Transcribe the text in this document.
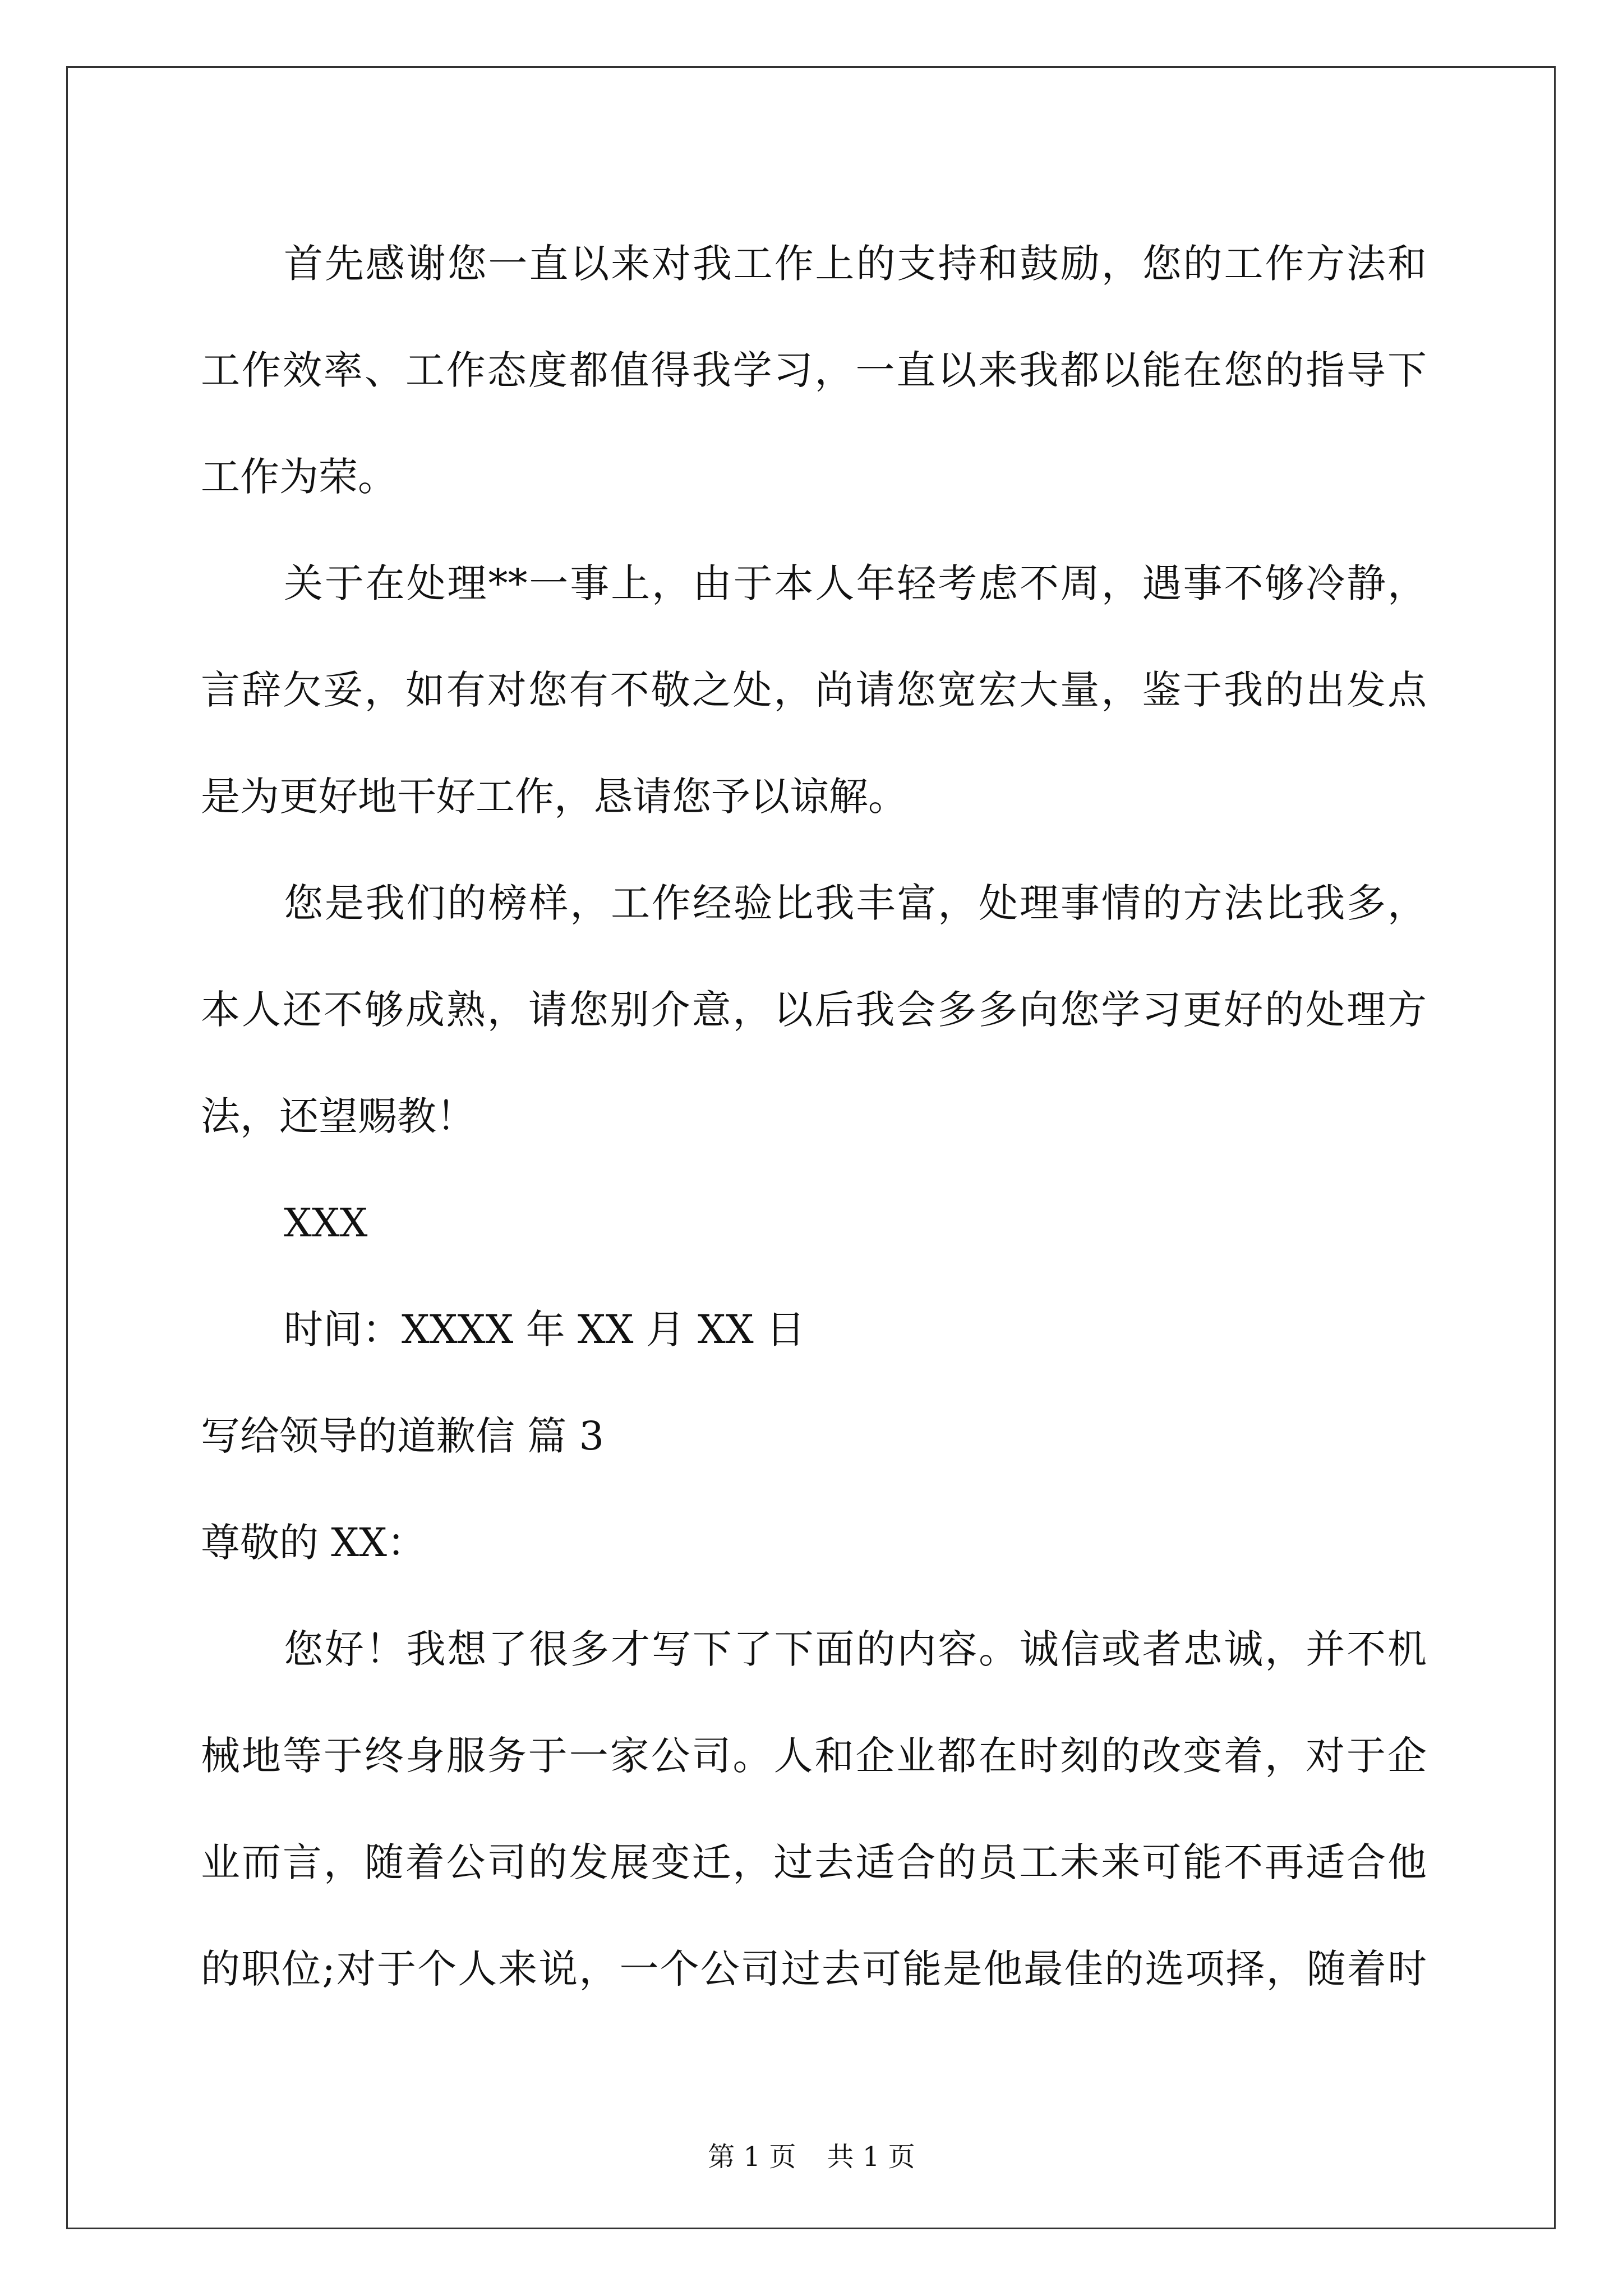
首先感谢您一直以来对我工作上的支持和鼓励，您的工作方法和
工作效率、工作态度都值得我学习，一直以来我都以能在您的指导下
工作为荣。
关于在处理**一事上，由于本人年轻考虑不周，遇事不够冷静，
言辞欠妥，如有对您有不敬之处，尚请您宽宏大量，鉴于我的出发点
是为更好地干好工作，恳请您予以谅解。
您是我们的榜样，工作经验比我丰富，处理事情的方法比我多，
本人还不够成熟，请您别介意，以后我会多多向您学习更好的处理方
法，还望赐教！
XXX
时间：XXXX 年 XX 月 XX 日
写给领导的道歉信 篇 3
尊敬的 XX：
您好！我想了很多才写下了下面的内容。诚信或者忠诚，并不机
械地等于终身服务于一家公司。人和企业都在时刻的改变着，对于企
业而言，随着公司的发展变迁，过去适合的员工未来可能不再适合他
的职位;对于个人来说，一个公司过去可能是他最佳的选项择，随着时
第 1 页 共 1 页
